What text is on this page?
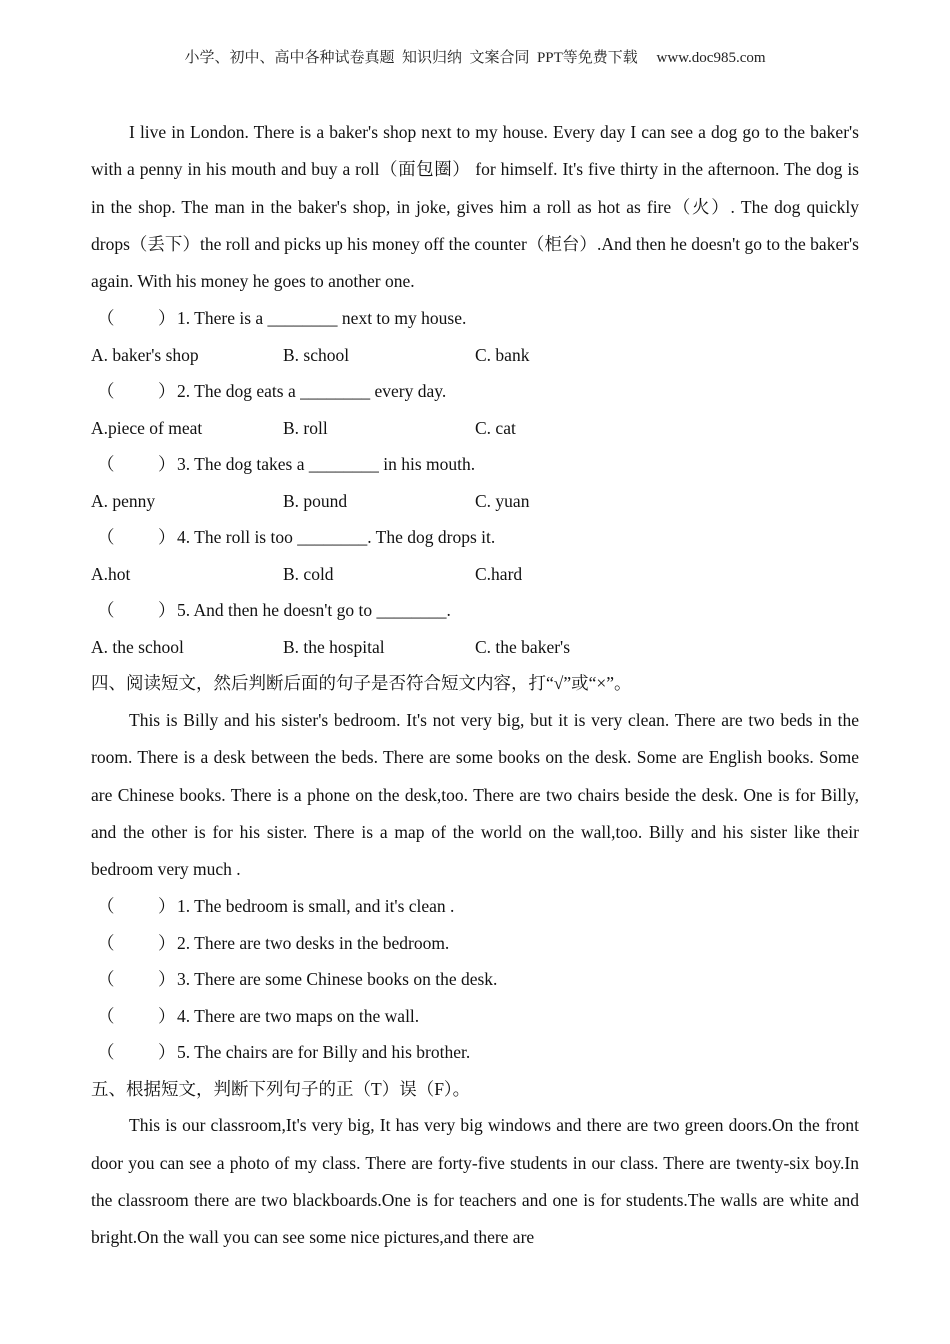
小学、初中、高中各种试卷真题  知识归纳  文案合同  PPT等免费下载     www.doc985.com

I live in London. There is a baker's shop next to my house. Every day I can see a dog go to the baker's with a penny in his mouth and buy a roll（面包圈） for himself. It's five thirty in the afternoon. The dog is in the shop. The man in the baker's shop, in joke, gives him a roll as hot as fire（火）. The dog quickly drops（丢下）the roll and picks up his money off the counter（柜台）.And then he doesn't go to the baker's again. With his money he goes to another one.

（ ） 1. There is a ________ next to my house.
A. baker's shop	B. school	C. bank
（ ） 2. The dog eats a ________ every day.
A.piece of meat	B. roll	C. cat
（ ） 3. The dog takes a ________ in his mouth.
A. penny	B. pound	C. yuan
（ ） 4. The roll is too ________. The dog drops it.
A.hot	B. cold	C.hard
（ ） 5. And then he doesn't go to ________.
A. the school	B. the hospital	C. the baker's
四、阅读短文，然后判断后面的句子是否符合短文内容，打“√”或“×”。

This is Billy and his sister's bedroom. It's not very big, but it is very clean. There are two beds in the room. There is a desk between the beds. There are some books on the desk. Some are English books. Some are Chinese books. There is a phone on the desk,too. There are two chairs beside the desk. One is for Billy, and the other is for his sister. There is a map of the world on the wall,too. Billy and his sister like their bedroom very much .

（ ） 1. The bedroom is small, and it's clean .
（ ） 2. There are two desks in the bedroom.
（ ） 3. There are some Chinese books on the desk.
（ ） 4. There are two maps on the wall.
（ ） 5. The chairs are for Billy and his brother.
五、根据短文，判断下列句子的正（T）误（F）。

This is our classroom,It's very big, It has very big windows and there are two green doors.On the front door you can see a photo of my class. There are forty-five students in our class. There are twenty-six boy.In the classroom there are two blackboards.One is for teachers and one is for students.The walls are white and bright.On the wall you can see some nice pictures,and there are
